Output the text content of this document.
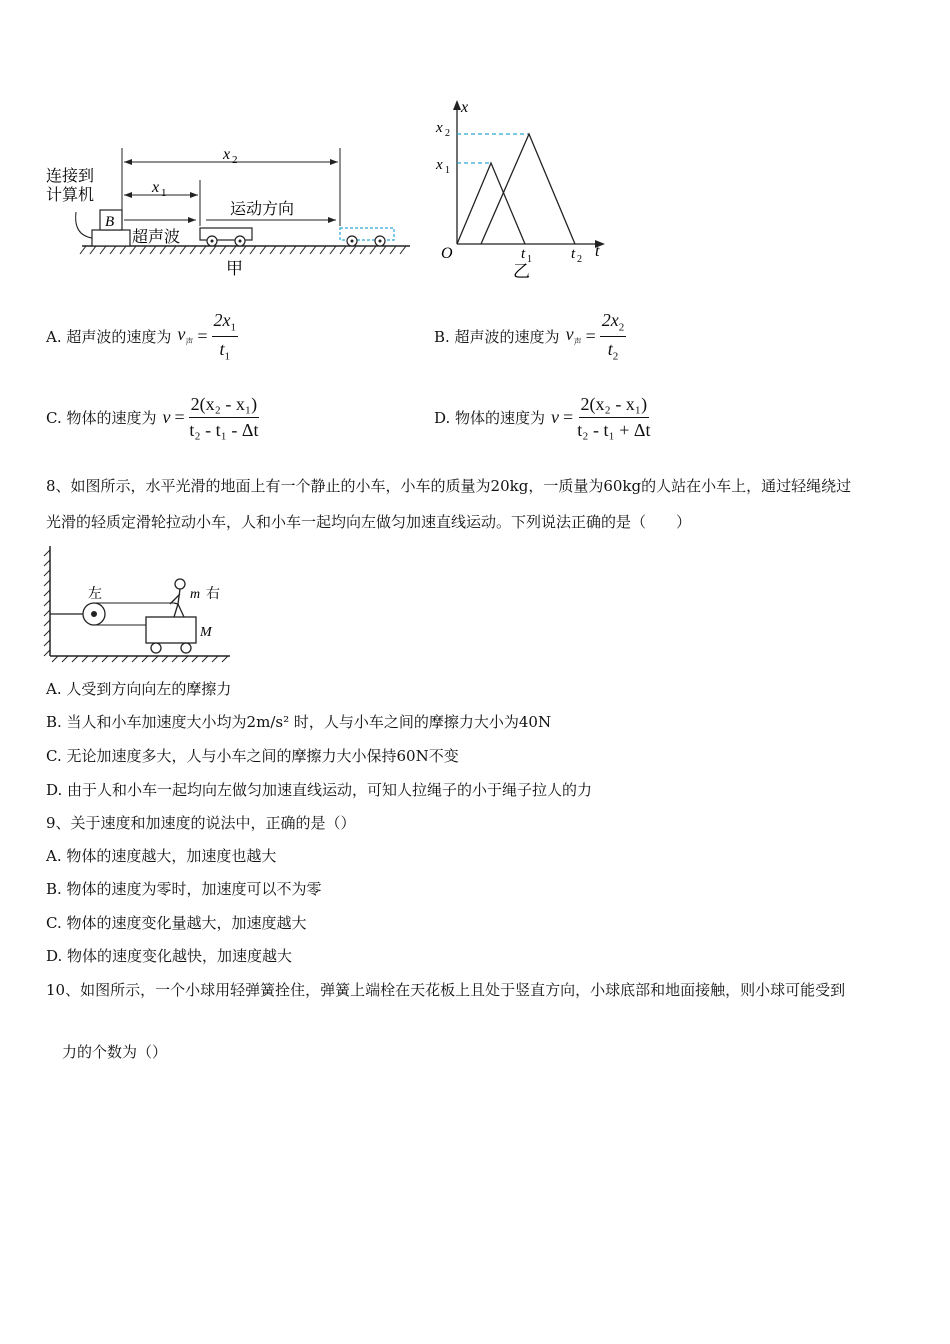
B
连接到
计算机
x 2
x 1
超声波
运动方向
甲
x
t
O
x 2
x 1
t 1	t 2
乙
A. 超声波的速度为 $v_声 = \frac{2x_1}{t_1}$	B. 超声波的速度为 $v_声 = \frac{2x_2}{t_2}$
C. 物体的速度为 $v = \frac{\text{2(x₂ - x₁)}}{\text{t₂ - t₁ - Δt}}$	D. 物体的速度为 $v = \frac{\text{2(x₂ - x₁)}}{\text{t₂ - t₁ + Δt}}$
8、如图所示，水平光滑的地面上有一个静止的小车，小车的质量为20kg，一质量为60kg的人站在小车上，通过轻绳绕过
光滑的轻质定滑轮拉动小车，人和小车一起均向左做匀加速直线运动。下列说法正确的是（　　）
左	m 右
M
A. 人受到方向向左的摩擦力
B. 当人和小车加速度大小均为2m/s² 时，人与小车之间的摩擦力大小为40N
C. 无论加速度多大，人与小车之间的摩擦力大小保持60N不变
D. 由于人和小车一起均向左做匀加速直线运动，可知人拉绳子的小于绳子拉人的力
9、关于速度和加速度的说法中，正确的是（）
A. 物体的速度越大，加速度也越大
B. 物体的速度为零时，加速度可以不为零
C. 物体的速度变化量越大，加速度越大
D. 物体的速度变化越快，加速度越大
10、如图所示，一个小球用轻弹簧拴住，弹簧上端栓在天花板上且处于竖直方向，小球底部和地面接触，则小球可能受到
力的个数为（）
